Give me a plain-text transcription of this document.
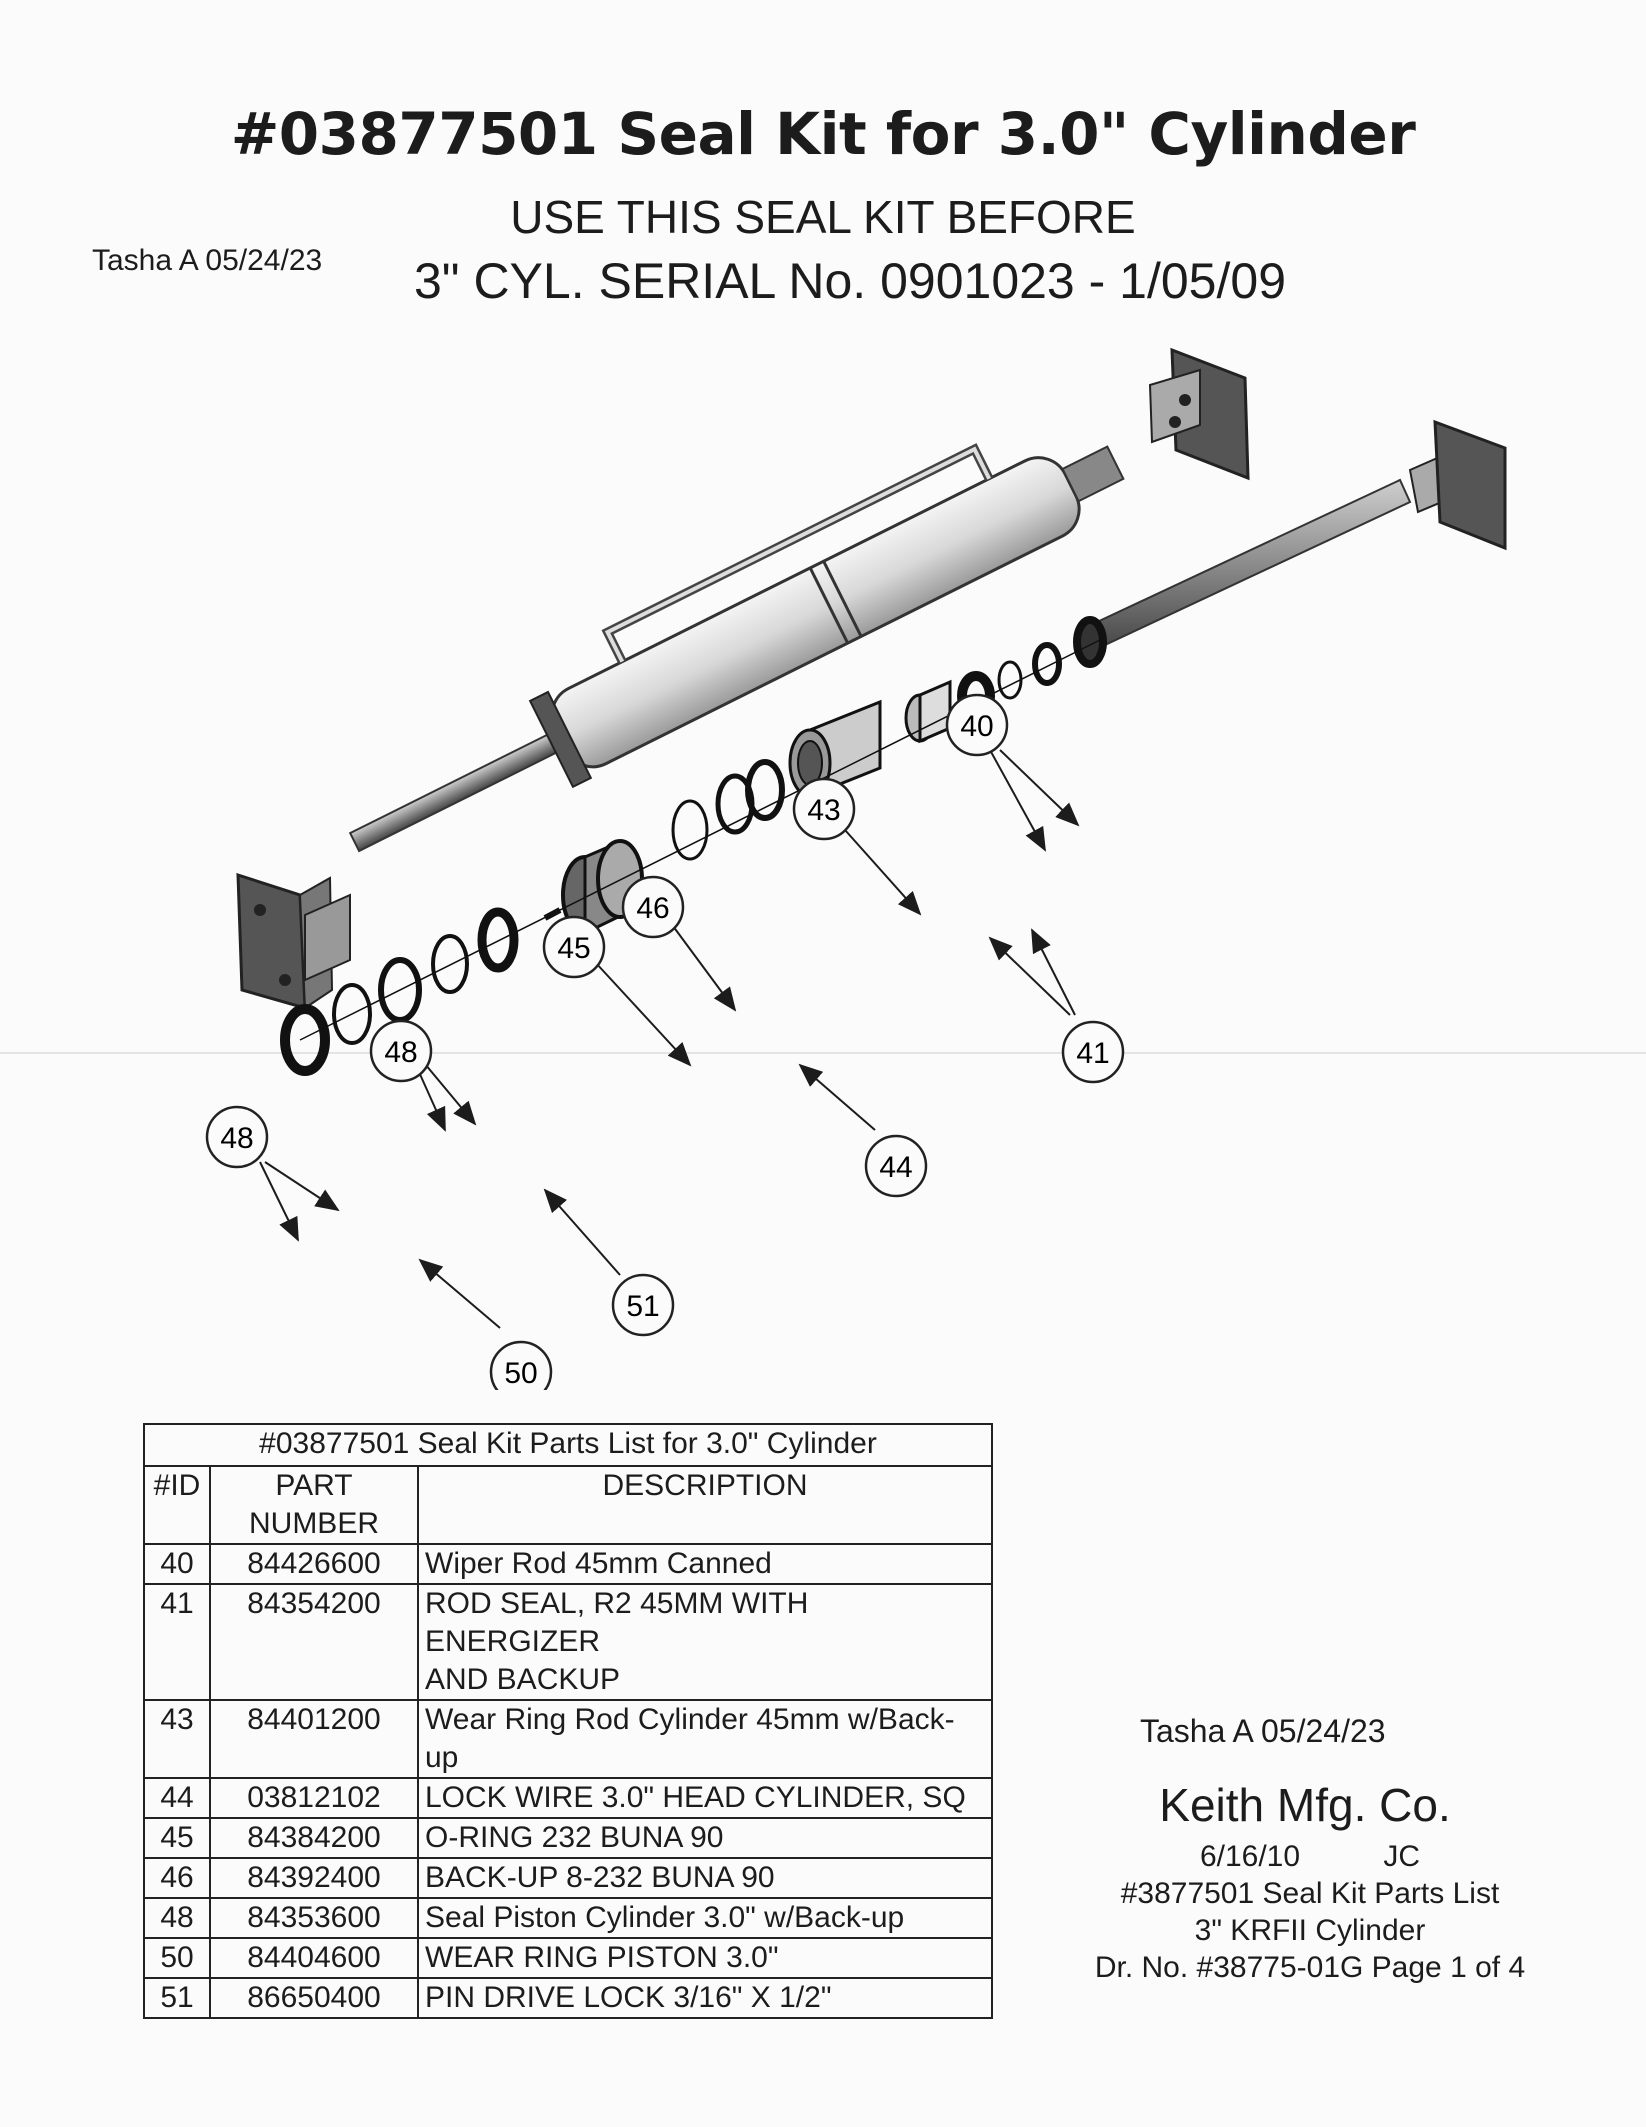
#03877501 Seal Kit for 3.0" Cylinder
USE THIS SEAL KIT BEFORE
Tasha A 05/24/23 3" CYL. SERIAL No. 0901023 - 1/05/09
40
43
46
45
48	41
44
48
51
50
#03877501 Seal Kit Parts List for 3.0" Cylinder		
#ID	PART NUMBER	DESCRIPTION
40	84426600	Wiper Rod 45mm Canned
41	84354200	ROD SEAL, R2 45MM WITH ENERGIZER
AND BACKUP

43	84401200	Wear Ring Rod Cylinder 45mm w/Back-up
44	03812102	LOCK WIRE 3.0" HEAD CYLINDER, SQ
45	84384200	O-RING 232 BUNA 90
46	84392400	BACK-UP 8-232 BUNA 90
48	84353600	Seal Piston Cylinder 3.0" w/Back-up
50	84404600	WEAR RING PISTON 3.0"
51	86650400	PIN DRIVE LOCK 3/16" X 1/2"
Tasha A 05/24/23
Keith Mfg. Co.
6/16/10          JC
#3877501 Seal Kit Parts List
3" KRFII Cylinder
Dr. No. #38775-01G Page 1 of 4
